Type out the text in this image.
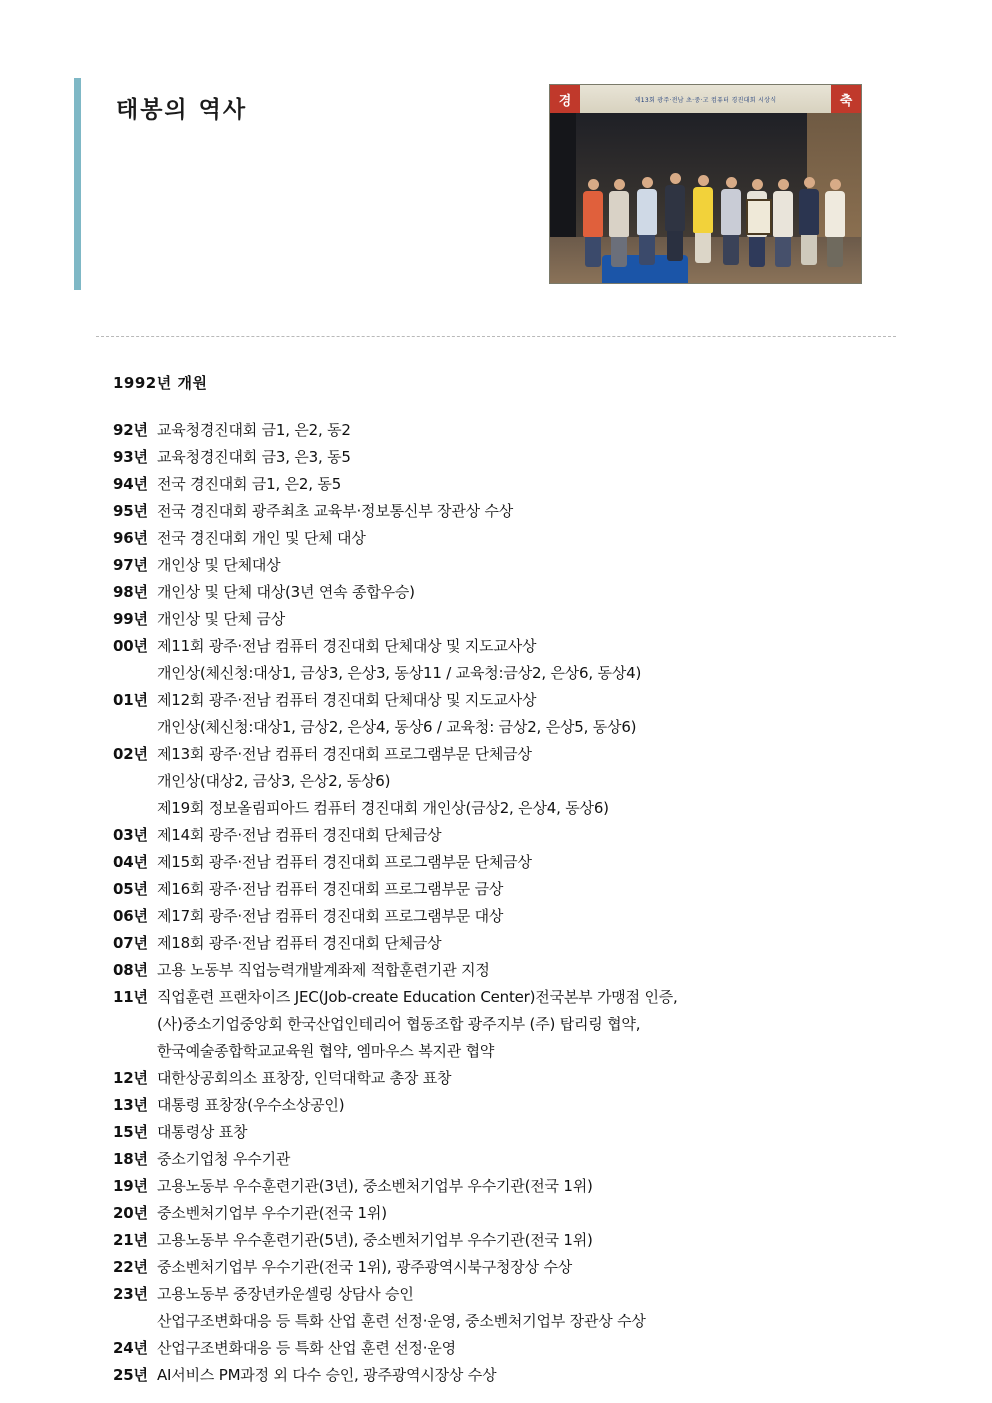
태봉의 역사	경	제13회 광주·전남 초·중·고 컴퓨터 경진대회 시상식	축
1992년 개원
92년 교육청경진대회 금1, 은2, 동2
93년 교육청경진대회 금3, 은3, 동5
94년 전국 경진대회 금1, 은2, 동5
95년 전국 경진대회 광주최초 교육부·정보통신부 장관상 수상
96년 전국 경진대회 개인 및 단체 대상
97년 개인상 및 단체대상
98년 개인상 및 단체 대상(3년 연속 종합우승)
99년 개인상 및 단체 금상
00년 제11회 광주·전남 컴퓨터 경진대회 단체대상 및 지도교사상
개인상(체신청:대상1, 금상3, 은상3, 동상11 / 교육청:금상2, 은상6, 동상4)
01년 제12회 광주·전남 컴퓨터 경진대회 단체대상 및 지도교사상
개인상(체신청:대상1, 금상2, 은상4, 동상6 / 교육청: 금상2, 은상5, 동상6)
02년 제13회 광주·전남 컴퓨터 경진대회 프로그램부문 단체금상
개인상(대상2, 금상3, 은상2, 동상6)
제19회 정보올림피아드 컴퓨터 경진대회 개인상(금상2, 은상4, 동상6)
03년 제14회 광주·전남 컴퓨터 경진대회 단체금상
04년 제15회 광주·전남 컴퓨터 경진대회 프로그램부문 단체금상
05년 제16회 광주·전남 컴퓨터 경진대회 프로그램부문 금상
06년 제17회 광주·전남 컴퓨터 경진대회 프로그램부문 대상
07년 제18회 광주·전남 컴퓨터 경진대회 단체금상
08년 고용 노동부 직업능력개발계좌제 적합훈련기관 지정
11년 직업훈련 프랜차이즈 JEC(Job-create Education Center)전국본부 가맹점 인증,
(사)중소기업중앙회 한국산업인테리어 협동조합 광주지부 (주) 탑리링 협약,
한국예술종합학교교육원 협약, 엠마우스 복지관 협약
12년 대한상공회의소 표창장, 인덕대학교 총장 표창
13년 대통령 표창장(우수소상공인)
15년 대통령상 표창
18년 중소기업청 우수기관
19년 고용노동부 우수훈련기관(3년), 중소벤처기업부 우수기관(전국 1위)
20년 중소벤처기업부 우수기관(전국 1위)
21년 고용노동부 우수훈련기관(5년), 중소벤처기업부 우수기관(전국 1위)
22년 중소벤처기업부 우수기관(전국 1위), 광주광역시북구청장상 수상
23년 고용노동부 중장년카운셀링 상담사 승인
산업구조변화대응 등 특화 산업 훈련 선정·운영, 중소벤처기업부 장관상 수상
24년 산업구조변화대응 등 특화 산업 훈련 선정·운영
25년 AI서비스 PM과정 외 다수 승인, 광주광역시장상 수상
